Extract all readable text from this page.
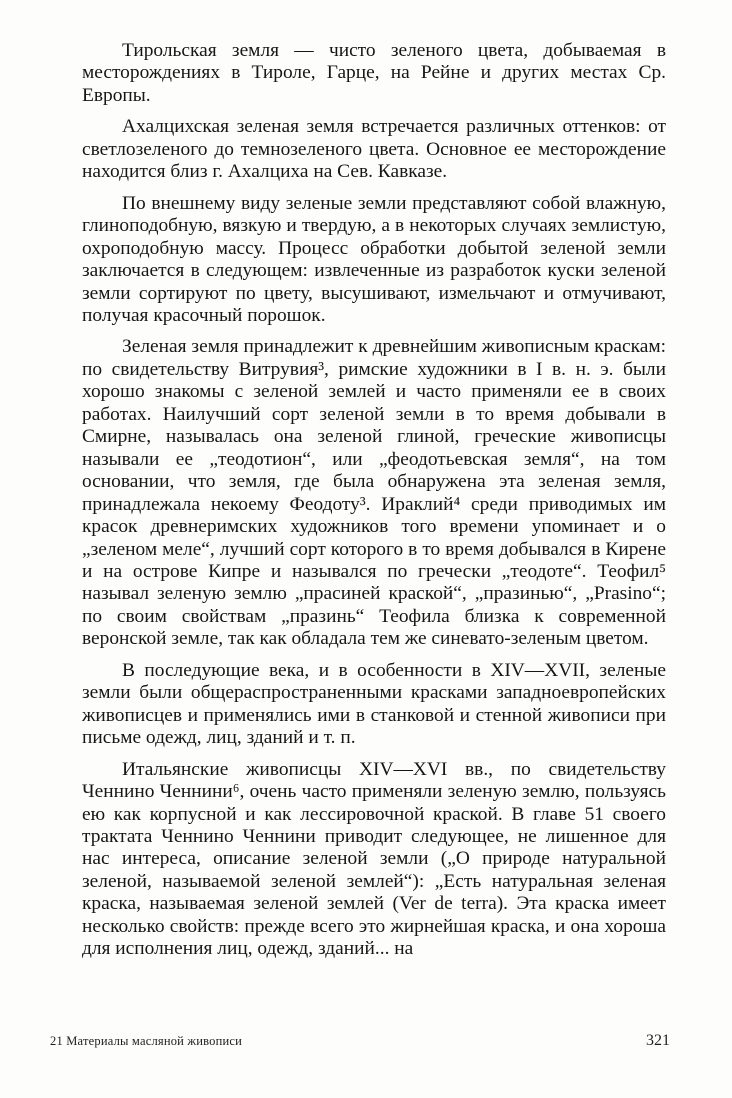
Тирольская земля — чисто зеленого цвета, добываемая в месторождениях в Тироле, Гарце, на Рейне и других местах Ср. Европы.

Ахалцихская зеленая земля встречается различных оттенков: от светлозеленого до темнозеленого цвета. Основное ее месторождение находится близ г. Ахалциха на Сев. Кавказе.

По внешнему виду зеленые земли представляют собой влажную, глиноподобную, вязкую и твердую, а в некоторых случаях землистую, охроподобную массу. Процесс обработки добытой зеленой земли заключается в следующем: извлеченные из разработок куски зеленой земли сортируют по цвету, высушивают, измельчают и отмучивают, получая красочный порошок.

Зеленая земля принадлежит к древнейшим живописным краскам: по свидетельству Витрувия³, римские художники в I в. н. э. были хорошо знакомы с зеленой землей и часто применяли ее в своих работах. Наилучший сорт зеленой земли в то время добывали в Смирне, называлась она зеленой глиной, греческие живописцы называли ее „теодотион“, или „феодотьевская земля“, на том основании, что земля, где была обнаружена эта зеленая земля, принадлежала некоему Феодоту³. Ираклий⁴ среди приводимых им красок древнеримских художников того времени упоминает и о „зеленом меле“, лучший сорт которого в то время добывался в Кирене и на острове Кипре и назывался по гречески „теодоте“. Теофил⁵ называл зеленую землю „прасиней краской“, „празинью“, „Prasino“; по своим свойствам „празинь“ Теофила близка к современной веронской земле, так как обладала тем же синевато-зеленым цветом.

В последующие века, и в особенности в XIV—XVII, зеленые земли были общераспространенными красками западноевропейских живописцев и применялись ими в станковой и стенной живописи при письме одежд, лиц, зданий и т. п.

Итальянские живописцы XIV—XVI вв., по свидетельству Ченнино Ченнини⁶, очень часто применяли зеленую землю, пользуясь ею как корпусной и как лессировочной краской. В главе 51 своего трактата Ченнино Ченнини приводит следующее, не лишенное для нас интереса, описание зеленой земли („О природе натуральной зеленой, называемой зеленой землей“): „Есть натуральная зеленая краска, называемая зеленой землей (Ver de terra). Эта краска имеет несколько свойств: прежде всего это жирнейшая краска, и она хороша для исполнения лиц, одежд, зданий... на

21 Материалы масляной живописи	321
